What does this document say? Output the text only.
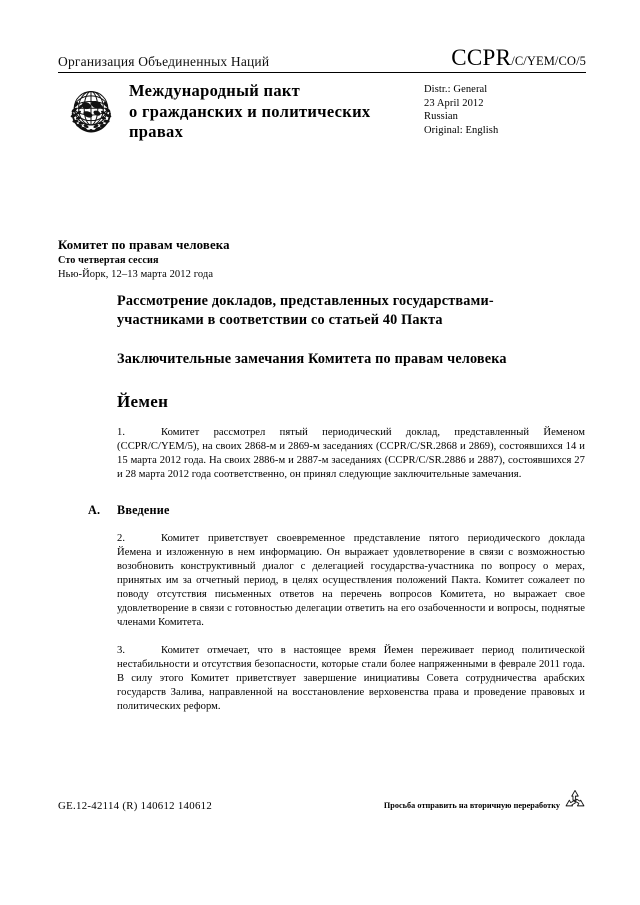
Организация Объединенных Наций	CCPR/C/YEM/CO/5
Международный пакт
о гражданских и политических
правах
Distr.: General
23 April 2012
Russian
Original: English
Комитет по правам человека
Сто четвертая сессия
Нью-Йорк, 12–13 марта 2012 года
Рассмотрение докладов, представленных государствами-участниками в соответствии со статьей 40 Пакта
Заключительные замечания Комитета по правам человека
Йемен
1.	Комитет рассмотрел пятый периодический доклад, представленный Йеменом (CCPR/C/YEM/5), на своих 2868-м и 2869-м заседаниях (CCPR/C/SR.2868 и 2869), состоявшихся 14 и 15 марта 2012 года. На своих 2886-м и 2887-м заседаниях (CCPR/C/SR.2886 и 2887), состоявшихся 27 и 28 марта 2012 года соответственно, он принял следующие заключительные замечания.
A. Введение
2.	Комитет приветствует своевременное представление пятого периодического доклада Йемена и изложенную в нем информацию. Он выражает удовлетворение в связи с возможностью возобновить конструктивный диалог с делегацией государства-участника по вопросу о мерах, принятых им за отчетный период, в целях осуществления положений Пакта. Комитет сожалеет по поводу отсутствия письменных ответов на перечень вопросов Комитета, но выражает свое удовлетворение в связи с готовностью делегации ответить на его озабоченности и вопросы, поднятые членами Комитета.
3.	Комитет отмечает, что в настоящее время Йемен переживает период политической нестабильности и отсутствия безопасности, которые стали более напряженными в феврале 2011 года. В силу этого Комитет приветствует завершение инициативы Совета сотрудничества арабских государств Залива, направленной на восстановление верховенства права и проведение правовых и политических реформ.
GE.12-42114 (R) 140612 140612	Просьба отправить на вторичную переработку
